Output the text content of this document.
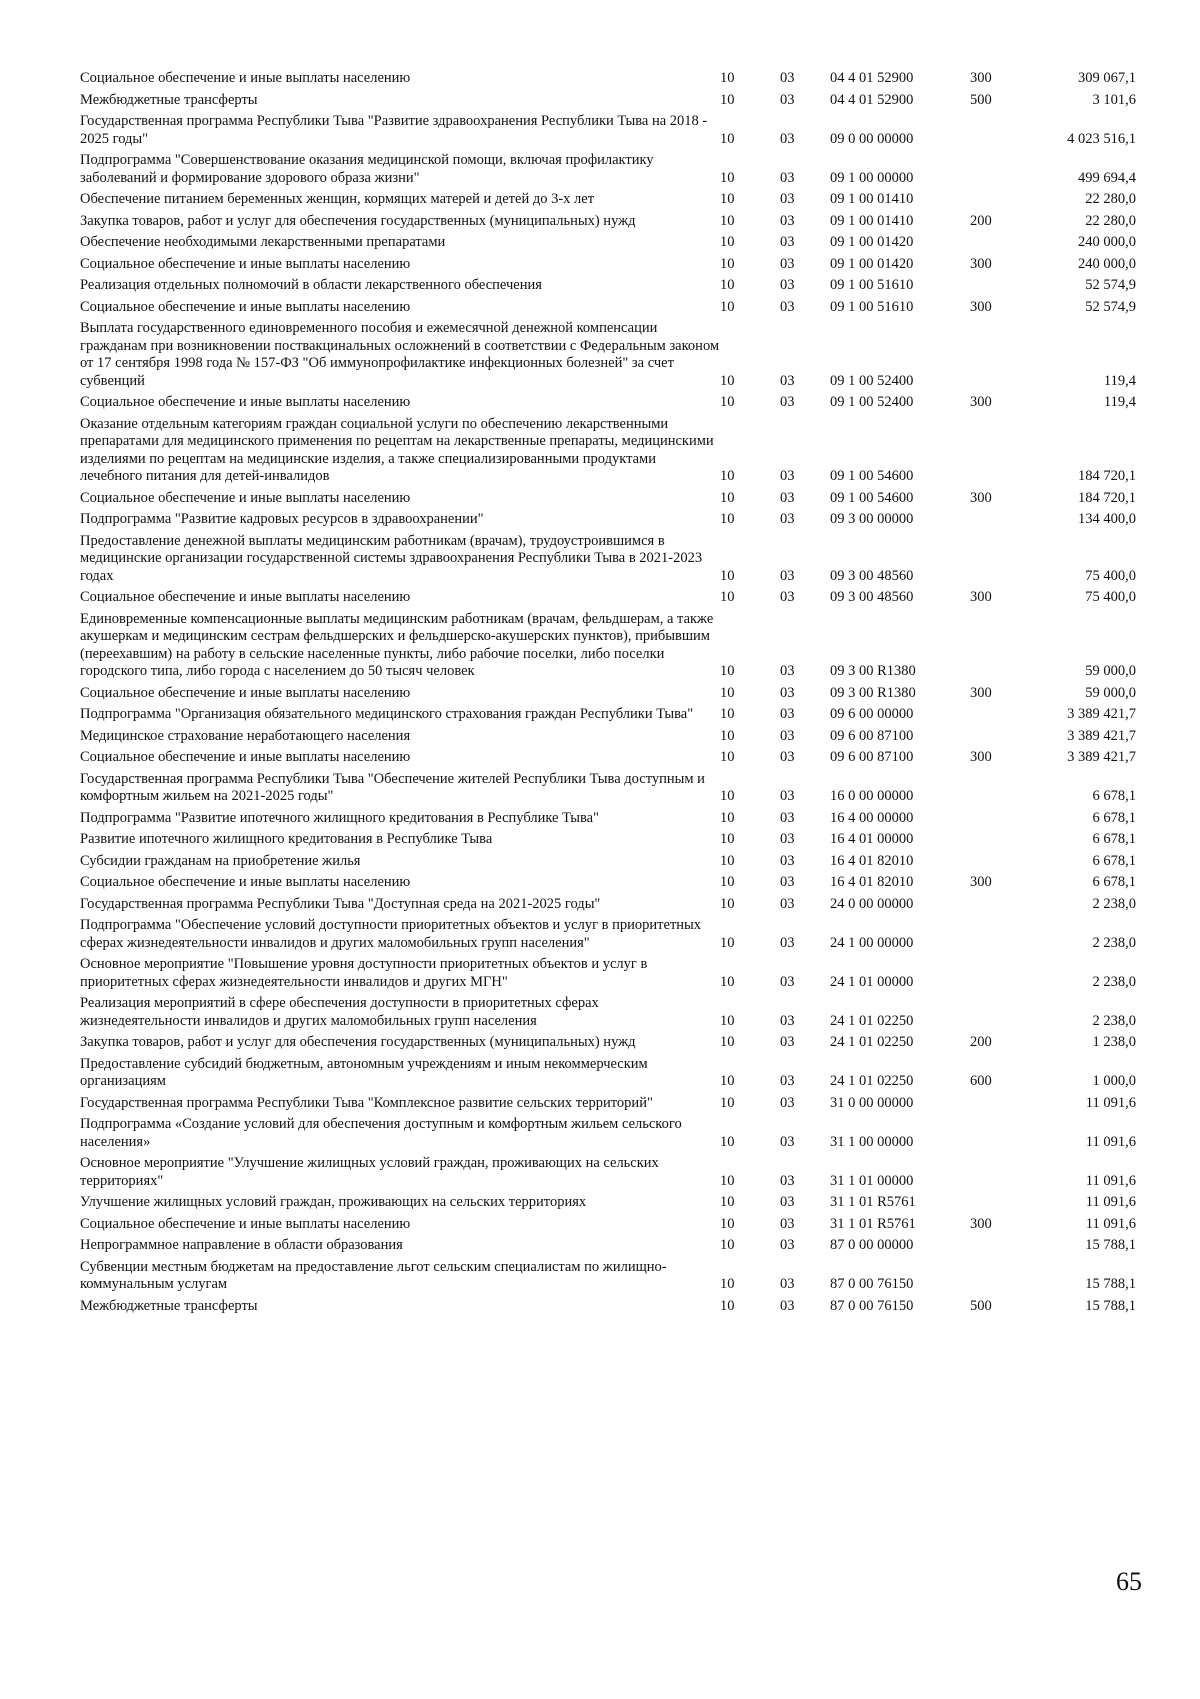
Социальное обеспечение и иные выплаты населению	10	03	04 4 01 52900	300	309 067,1
Межбюджетные трансферты	10	03	04 4 01 52900	500	3 101,6
Государственная программа Республики Тыва "Развитие здравоохранения Республики Тыва на 2018 - 2025 годы"	10	03	09 0 00 00000		4 023 516,1
Подпрограмма "Совершенствование оказания медицинской помощи, включая профилактику заболеваний и формирование здорового образа жизни"	10	03	09 1 00 00000		499 694,4
Обеспечение питанием беременных женщин, кормящих матерей и детей до 3-х лет	10	03	09 1 00 01410		22 280,0
Закупка товаров, работ и услуг для обеспечения государственных (муниципальных) нужд	10	03	09 1 00 01410	200	22 280,0
Обеспечение необходимыми лекарственными препаратами	10	03	09 1 00 01420		240 000,0
Социальное обеспечение и иные выплаты населению	10	03	09 1 00 01420	300	240 000,0
Реализация отдельных полномочий в области лекарственного обеспечения	10	03	09 1 00 51610		52 574,9
Социальное обеспечение и иные выплаты населению	10	03	09 1 00 51610	300	52 574,9
Выплата государственного единовременного пособия и ежемесячной денежной компенсации гражданам при возникновении поствакцинальных осложнений в соответствии с Федеральным законом от 17 сентября 1998 года № 157-ФЗ "Об иммунопрофилактике инфекционных болезней" за счет субвенций	10	03	09 1 00 52400		119,4
Социальное обеспечение и иные выплаты населению	10	03	09 1 00 52400	300	119,4
Оказание отдельным категориям граждан социальной услуги по обеспечению лекарственными препаратами для медицинского применения по рецептам на лекарственные препараты, медицинскими изделиями по рецептам на медицинские изделия, а также специализированными продуктами лечебного питания для детей-инвалидов	10	03	09 1 00 54600		184 720,1
Социальное обеспечение и иные выплаты населению	10	03	09 1 00 54600	300	184 720,1
Подпрограмма "Развитие кадровых ресурсов в здравоохранении"	10	03	09 3 00 00000		134 400,0
Предоставление денежной выплаты медицинским работникам (врачам), трудоустроившимся в медицинские организации государственной системы здравоохранения Республики Тыва в 2021-2023 годах	10	03	09 3 00 48560		75 400,0
Социальное обеспечение и иные выплаты населению	10	03	09 3 00 48560	300	75 400,0
Единовременные компенсационные выплаты медицинским работникам (врачам, фельдшерам, а также акушеркам и медицинским сестрам фельдшерских и фельдшерско-акушерских пунктов), прибывшим (переехавшим) на работу в сельские населенные пункты, либо рабочие поселки, либо поселки городского типа, либо города с населением до 50 тысяч человек	10	03	09 3 00 R1380		59 000,0
Социальное обеспечение и иные выплаты населению	10	03	09 3 00 R1380	300	59 000,0
Подпрограмма "Организация обязательного медицинского страхования граждан Республики Тыва"	10	03	09 6 00 00000		3 389 421,7
Медицинское страхование неработающего населения	10	03	09 6 00 87100		3 389 421,7
Социальное обеспечение и иные выплаты населению	10	03	09 6 00 87100	300	3 389 421,7
Государственная программа Республики Тыва "Обеспечение жителей Республики Тыва доступным и комфортным жильем на 2021-2025 годы"	10	03	16 0 00 00000		6 678,1
Подпрограмма "Развитие ипотечного жилищного кредитования в Республике Тыва"	10	03	16 4 00 00000		6 678,1
Развитие ипотечного жилищного кредитования в Республике Тыва	10	03	16 4 01 00000		6 678,1
Субсидии гражданам на приобретение жилья	10	03	16 4 01 82010		6 678,1
Социальное обеспечение и иные выплаты населению	10	03	16 4 01 82010	300	6 678,1
Государственная программа Республики Тыва "Доступная среда на 2021-2025 годы"	10	03	24 0 00 00000		2 238,0
Подпрограмма "Обеспечение условий доступности приоритетных объектов и услуг в приоритетных сферах жизнедеятельности инвалидов и других маломобильных групп населения"	10	03	24 1 00 00000		2 238,0
Основное мероприятие "Повышение уровня доступности приоритетных объектов и услуг в приоритетных сферах жизнедеятельности инвалидов и других МГН"	10	03	24 1 01 00000		2 238,0
Реализация мероприятий в сфере обеспечения доступности в приоритетных сферах жизнедеятельности инвалидов и других маломобильных групп населения	10	03	24 1 01 02250		2 238,0
Закупка товаров, работ и услуг для обеспечения государственных (муниципальных) нужд	10	03	24 1 01 02250	200	1 238,0
Предоставление субсидий бюджетным, автономным учреждениям и иным некоммерческим организациям	10	03	24 1 01 02250	600	1 000,0
Государственная программа Республики Тыва "Комплексное развитие сельских территорий"	10	03	31 0 00 00000		11 091,6
Подпрограмма «Создание условий для обеспечения доступным и комфортным жильем сельского населения»	10	03	31 1 00 00000		11 091,6
Основное мероприятие "Улучшение жилищных условий граждан, проживающих на сельских территориях"	10	03	31 1 01 00000		11 091,6
Улучшение жилищных условий граждан, проживающих на сельских территориях	10	03	31 1 01 R5761		11 091,6
Социальное обеспечение и иные выплаты населению	10	03	31 1 01 R5761	300	11 091,6
Непрограммное направление в области образования	10	03	87 0 00 00000		15 788,1
Субвенции местным бюджетам на предоставление льгот сельским специалистам по жилищно-коммунальным услугам	10	03	87 0 00 76150		15 788,1
Межбюджетные трансферты	10	03	87 0 00 76150	500	15 788,1
65
